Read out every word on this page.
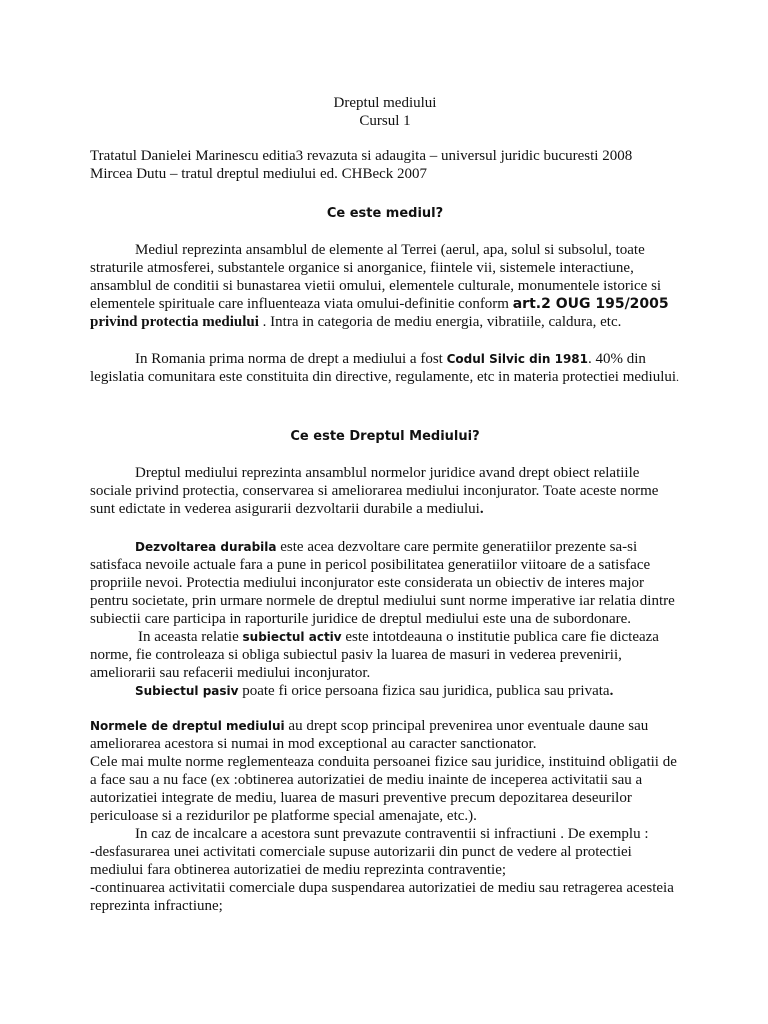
Dreptul mediului

Cursul 1

Tratatul Danielei Marinescu editia3 revazuta si adaugita – universul juridic bucuresti 2008

Mircea Dutu – tratul dreptul mediului ed. CHBeck 2007

Ce este mediul?

Mediul reprezinta ansamblul de elemente al Terrei (aerul, apa, solul si subsolul, toate straturile atmosferei, substantele organice si anorganice, fiintele vii, sistemele interactiune, ansamblul de conditii si bunastarea vietii omului, elementele culturale, monumentele istorice si elementele spirituale care influenteaza viata omului-definitie conform art.2 OUG 195/2005 privind protectia mediului . Intra in categoria de mediu energia, vibratiile, caldura, etc.

In Romania prima norma de drept a mediului a fost Codul Silvic din 1981. 40% din legislatia comunitara este constituita din directive, regulamente, etc in materia protectiei mediului.

Ce este Dreptul Mediului?

Dreptul mediului reprezinta ansamblul normelor juridice avand drept obiect relatiile sociale privind protectia, conservarea si ameliorarea mediului inconjurator. Toate aceste norme sunt edictate in vederea asigurarii dezvoltarii durabile a mediului.

Dezvoltarea durabila este acea dezvoltare care permite generatiilor prezente sa-si satisfaca nevoile actuale fara a pune in pericol posibilitatea generatiilor viitoare de a satisface propriile nevoi. Protectia mediului inconjurator este considerata un obiectiv de interes major pentru societate, prin urmare normele de dreptul mediului sunt norme imperative iar relatia dintre subiectii care participa in raporturile juridice de dreptul mediului este una de subordonare.

In aceasta relatie subiectul activ este intotdeauna o institutie publica care fie dicteaza norme, fie controleaza si obliga subiectul pasiv la luarea de masuri in vederea prevenirii, ameliorarii sau refacerii mediului inconjurator.

Subiectul pasiv poate fi orice persoana fizica sau juridica, publica sau privata.

Normele de dreptul mediului au drept scop principal prevenirea unor eventuale daune sau ameliorarea acestora si numai in mod exceptional au caracter sanctionator.

Cele mai multe norme reglementeaza conduita persoanei fizice sau juridice, instituind obligatii de a face sau a nu face (ex :obtinerea autorizatiei de mediu inainte de inceperea activitatii sau a autorizatiei integrate de mediu, luarea de masuri preventive precum depozitarea deseurilor periculoase si a rezidurilor pe platforme special amenajate, etc.).

In caz de incalcare a acestora sunt prevazute contraventii si infractiuni . De exemplu :

-desfasurarea unei activitati comerciale supuse autorizarii din punct de vedere al protectiei mediului fara obtinerea autorizatiei de mediu reprezinta contraventie;

-continuarea activitatii comerciale dupa suspendarea autorizatiei de mediu sau retragerea acesteia reprezinta infractiune;
